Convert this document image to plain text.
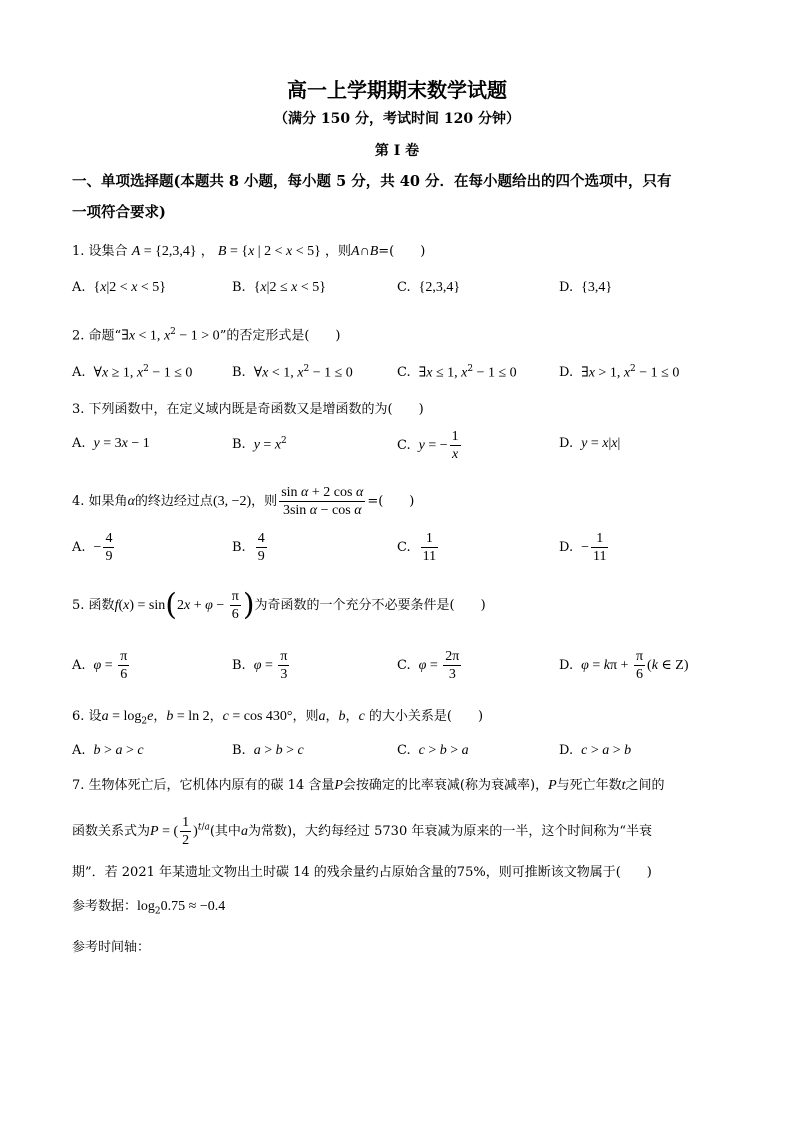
高一上学期期末数学试题
（满分 150 分，考试时间 120 分钟）
第 I 卷
一、单项选择题(本题共 8 小题，每小题 5 分，共 40 分．在每小题给出的四个选项中，只有
一项符合要求)
1. 设集合 A = {2,3,4} ， B = {x | 2 < x < 5} ，则A∩B=(　　)
A. {x|2 < x < 5}	B. {x|2 ≤ x < 5}	C. {2,3,4}	D. {3,4}
2. 命题“∃x < 1, $x^2 - 1 > 0$”的否定形式是(　　)
A. ∀x ≥ 1, $x^2 - 1 \le 0$	B. ∀x < 1, $x^2 - 1 \le 0$	C. ∃x ≤ 1, $x^2 - 1 \le 0$	D. ∃x > 1, $x^2 - 1 \le 0$
3. 下列函数中，在定义域内既是奇函数又是增函数的为(　　)
A. y = 3x − 1	B. $y = x^2$	C. y = − $\frac{1}{x}$	D. y = x|x|
4. 如果角α的终边经过点(3, −2)，则 $\frac{\text{sin α + 2 cos α}}{\text{3sin α − cos α}}$ =(　　)
A. − $\frac{4}{9}$	B. $\frac{4}{9}$	C. $\frac{1}{11}$	D. − $\frac{1}{11}$
5. 函数$f(x) = \sin(2x + \varphi - \frac{\pi}{6}$ )为奇函数的一个充分不必要条件是(　　)
A. $\varphi = \frac{\pi}{6}$	B. $\varphi = \frac{\pi}{3}$	C. $\varphi = \frac{2\pi}{3}$	D. $\varphi = k\pi + \frac{\pi}{6} (k$ ∈ Z)
6. 设$a = \log_2e$，b = ln 2，c = cos 430°，则a，b，c 的大小关系是(　　)
A. b > a > c	B. a > b > c	C. c > b > a	D. c > a > b
7. 生物体死亡后，它机体内原有的碳 14 含量P会按确定的比率衰减(称为衰减率)，P与死亡年数t之间的
函数关系式为P = ( $\frac{1}{2} )^{t/a}$(其中a为常数)，大约每经过 5730 年衰减为原来的一半，这个时间称为“半衰
期”．若 2021 年某遗址文物出土时碳 14 的残余量约占原始含量的75%，则可推断该文物属于(　　)
参考数据：$\log_20.75 \approx -0.4$
参考时间轴：
